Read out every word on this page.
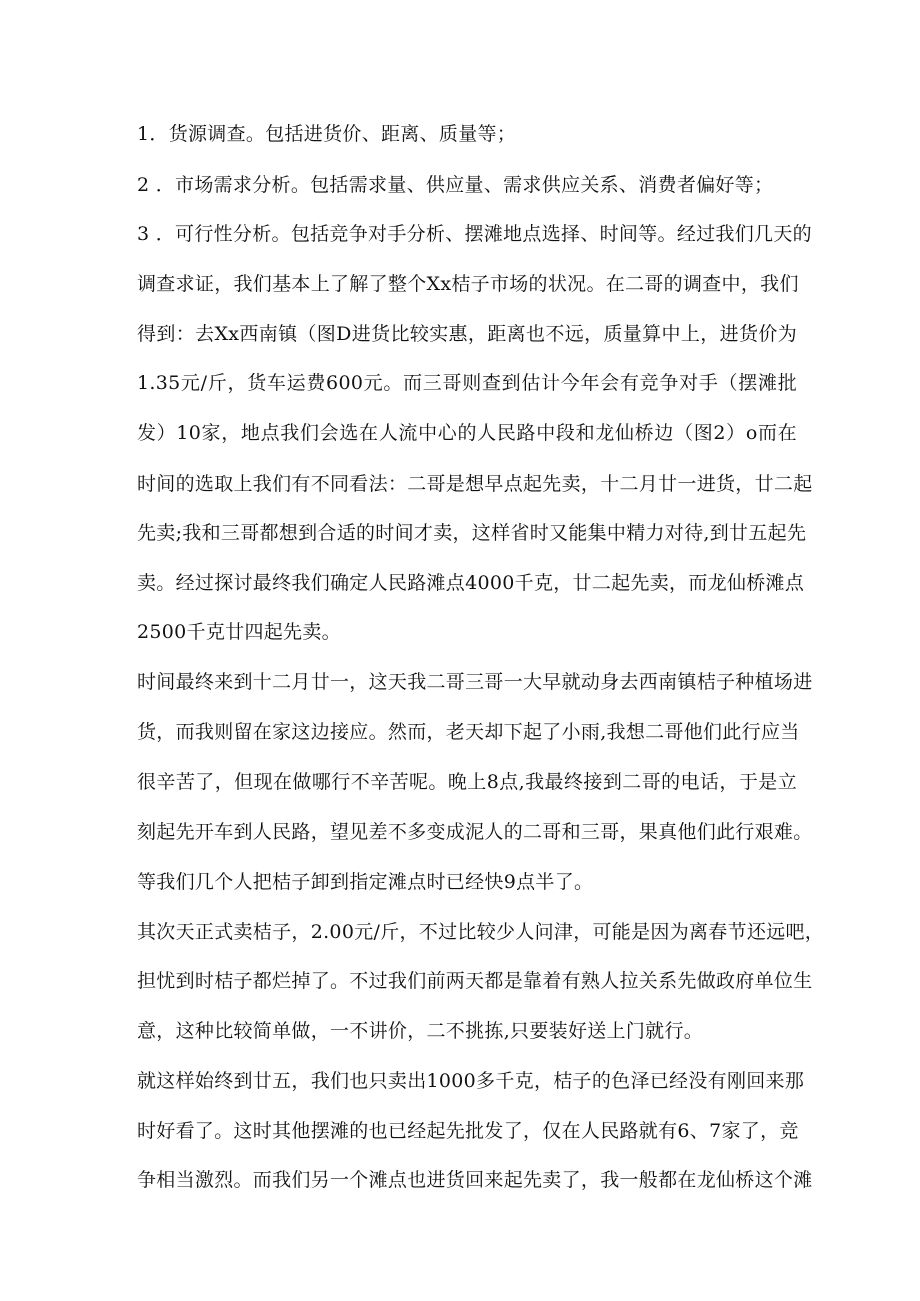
1．货源调查。包括进货价、距离、质量等；
2 ．市场需求分析。包括需求量、供应量、需求供应关系、消费者偏好等；
3 ．可行性分析。包括竞争对手分析、摆滩地点选择、时间等。经过我们几天的
调查求证，我们基本上了解了整个Xx桔子市场的状况。在二哥的调查中，我们
得到：去Xx西南镇（图D进货比较实惠，距离也不远，质量算中上，进货价为
1.35元/斤，货车运费600元。而三哥则查到估计今年会有竞争对手（摆滩批
发）10家，地点我们会选在人流中心的人民路中段和龙仙桥边（图2）o而在
时间的选取上我们有不同看法：二哥是想早点起先卖，十二月廿一进货，廿二起
先卖;我和三哥都想到合适的时间才卖，这样省时又能集中精力对待,到廿五起先
卖。经过探讨最终我们确定人民路滩点4000千克，廿二起先卖，而龙仙桥滩点
2500千克廿四起先卖。
时间最终来到十二月廿一，这天我二哥三哥一大早就动身去西南镇桔子种植场进
货，而我则留在家这边接应。然而，老天却下起了小雨,我想二哥他们此行应当
很辛苦了，但现在做哪行不辛苦呢。晚上8点,我最终接到二哥的电话，于是立
刻起先开车到人民路，望见差不多变成泥人的二哥和三哥，果真他们此行艰难。
等我们几个人把桔子卸到指定滩点时已经快9点半了。
其次天正式卖桔子，2.00元/斤，不过比较少人问津，可能是因为离春节还远吧，
担忧到时桔子都烂掉了。不过我们前两天都是靠着有熟人拉关系先做政府单位生
意，这种比较简单做，一不讲价，二不挑拣,只要装好送上门就行。
就这样始终到廿五，我们也只卖出1000多千克，桔子的色泽已经没有刚回来那
时好看了。这时其他摆滩的也已经起先批发了，仅在人民路就有6、7家了，竞
争相当激烈。而我们另一个滩点也进货回来起先卖了，我一般都在龙仙桥这个滩
